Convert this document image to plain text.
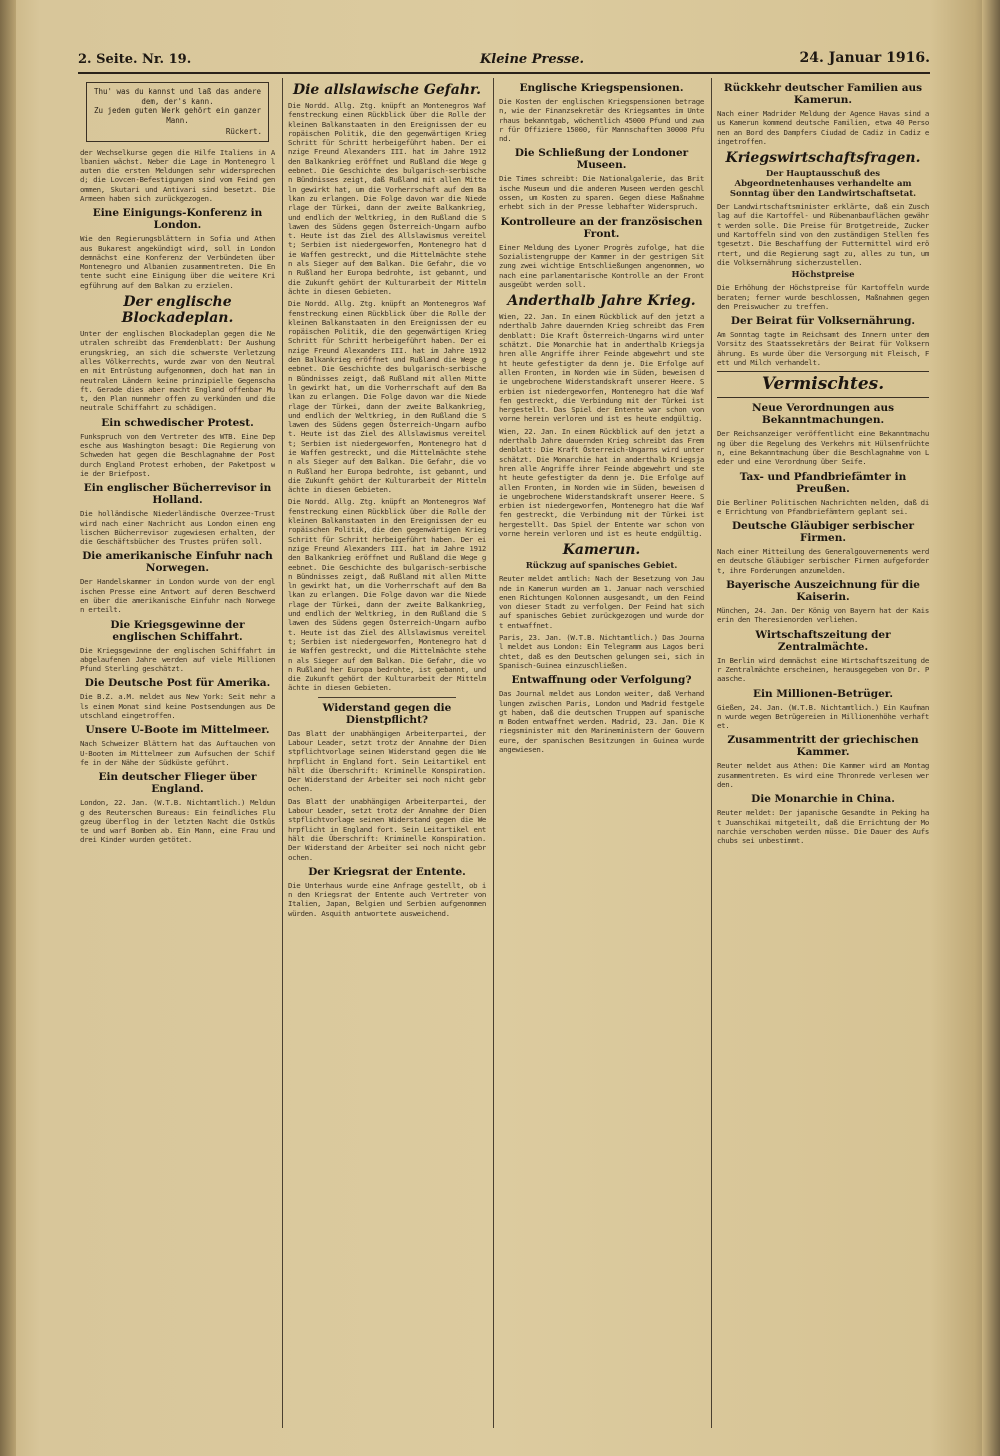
2. Seite. Nr. 19.	Kleine Presse.	24. Januar 1916.
Thu' was du kannst und laß das andere dem, der's kann.
Zu jedem guten Werk gehört ein ganzer Mann.
Rückert.

der Wechselkurse gegen die Hilfe Italiens in Albanien wächst. Neber die Lage in Montenegro lauten die ersten Meldungen sehr widersprechend; die Lovcen-Befestigungen sind vom Feind genommen, Skutari und Antivari sind besetzt. Die Armeen haben sich zurückgezogen.

Eine Einigungs-Konferenz in London.

Wie den Regierungsblättern in Sofia und Athen aus Bukarest angekündigt wird, soll in London demnächst eine Konferenz der Verbündeten über Montenegro und Albanien zusammentreten. Die Entente sucht eine Einigung über die weitere Kriegführung auf dem Balkan zu erzielen.

Der englische Blockadeplan.

Unter der englischen Blockadeplan gegen die Neutralen schreibt das Fremdenblatt: Der Aushungerungskrieg, an sich die schwerste Verletzung alles Völkerrechts, wurde zwar von den Neutralen mit Entrüstung aufgenommen, doch hat man in neutralen Ländern keine prinzipielle Gegenschaft. Gerade dies aber macht England offenbar Mut, den Plan nunmehr offen zu verkünden und die neutrale Schiffahrt zu schädigen.

Ein schwedischer Protest.

Funkspruch von dem Vertreter des WTB. Eine Depesche aus Washington besagt: Die Regierung von Schweden hat gegen die Beschlagnahme der Post durch England Protest erhoben, der Paketpost wie der Briefpost.

Ein englischer Bücherrevisor in Holland.

Die holländische Niederländische Overzee-Trust wird nach einer Nachricht aus London einen englischen Bücherrevisor zugewiesen erhalten, der die Geschäftsbücher des Trustes prüfen soll.

Die amerikanische Einfuhr nach Norwegen.

Der Handelskammer in London wurde von der englischen Presse eine Antwort auf deren Beschwerden über die amerikanische Einfuhr nach Norwegen erteilt.

Die Kriegsgewinne der englischen Schiffahrt.

Die Kriegsgewinne der englischen Schiffahrt im abgelaufenen Jahre werden auf viele Millionen Pfund Sterling geschätzt.

Die Deutsche Post für Amerika.

Die B.Z. a.M. meldet aus New York: Seit mehr als einem Monat sind keine Postsendungen aus Deutschland eingetroffen.

Unsere U-Boote im Mittelmeer.

Nach Schweizer Blättern hat das Auftauchen von U-Booten im Mittelmeer zum Aufsuchen der Schiffe in der Nähe der Südküste geführt.

Ein deutscher Flieger über England.

London, 22. Jan. (W.T.B. Nichtamtlich.) Meldung des Reuterschen Bureaus: Ein feindliches Flugzeug überflog in der letzten Nacht die Ostküste und warf Bomben ab. Ein Mann, eine Frau und drei Kinder wurden getötet.

Die allslawische Gefahr.

Die Nordd. Allg. Ztg. knüpft an Montenegros Waffenstreckung einen Rückblick über die Rolle der kleinen Balkanstaaten in den Ereignissen der europäischen Politik, die den gegenwärtigen Krieg Schritt für Schritt herbeigeführt haben. Der einzige Freund Alexanders III. hat im Jahre 1912 den Balkankrieg eröffnet und Rußland die Wege geebnet. Die Geschichte des bulgarisch-serbischen Bündnisses zeigt, daß Rußland mit allen Mitteln gewirkt hat, um die Vorherrschaft auf dem Balkan zu erlangen. Die Folge davon war die Niederlage der Türkei, dann der zweite Balkankrieg, und endlich der Weltkrieg, in dem Rußland die Slawen des Südens gegen Österreich-Ungarn aufbot. Heute ist das Ziel des Allslawismus vereitelt; Serbien ist niedergeworfen, Montenegro hat die Waffen gestreckt, und die Mittelmächte stehen als Sieger auf dem Balkan. Die Gefahr, die von Rußland her Europa bedrohte, ist gebannt, und die Zukunft gehört der Kulturarbeit der Mittelmächte in diesen Gebieten.

Die Nordd. Allg. Ztg. knüpft an Montenegros Waffenstreckung einen Rückblick über die Rolle der kleinen Balkanstaaten in den Ereignissen der europäischen Politik, die den gegenwärtigen Krieg Schritt für Schritt herbeigeführt haben. Der einzige Freund Alexanders III. hat im Jahre 1912 den Balkankrieg eröffnet und Rußland die Wege geebnet. Die Geschichte des bulgarisch-serbischen Bündnisses zeigt, daß Rußland mit allen Mitteln gewirkt hat, um die Vorherrschaft auf dem Balkan zu erlangen. Die Folge davon war die Niederlage der Türkei, dann der zweite Balkankrieg, und endlich der Weltkrieg, in dem Rußland die Slawen des Südens gegen Österreich-Ungarn aufbot. Heute ist das Ziel des Allslawismus vereitelt; Serbien ist niedergeworfen, Montenegro hat die Waffen gestreckt, und die Mittelmächte stehen als Sieger auf dem Balkan. Die Gefahr, die von Rußland her Europa bedrohte, ist gebannt, und die Zukunft gehört der Kulturarbeit der Mittelmächte in diesen Gebieten.

Die Nordd. Allg. Ztg. knüpft an Montenegros Waffenstreckung einen Rückblick über die Rolle der kleinen Balkanstaaten in den Ereignissen der europäischen Politik, die den gegenwärtigen Krieg Schritt für Schritt herbeigeführt haben. Der einzige Freund Alexanders III. hat im Jahre 1912 den Balkankrieg eröffnet und Rußland die Wege geebnet. Die Geschichte des bulgarisch-serbischen Bündnisses zeigt, daß Rußland mit allen Mitteln gewirkt hat, um die Vorherrschaft auf dem Balkan zu erlangen. Die Folge davon war die Niederlage der Türkei, dann der zweite Balkankrieg, und endlich der Weltkrieg, in dem Rußland die Slawen des Südens gegen Österreich-Ungarn aufbot. Heute ist das Ziel des Allslawismus vereitelt; Serbien ist niedergeworfen, Montenegro hat die Waffen gestreckt, und die Mittelmächte stehen als Sieger auf dem Balkan. Die Gefahr, die von Rußland her Europa bedrohte, ist gebannt, und die Zukunft gehört der Kulturarbeit der Mittelmächte in diesen Gebieten.

Widerstand gegen die Dienstpflicht?

Das Blatt der unabhängigen Arbeiterpartei, der Labour Leader, setzt trotz der Annahme der Dienstpflichtvorlage seinen Widerstand gegen die Wehrpflicht in England fort. Sein Leitartikel enthält die Überschrift: Kriminelle Konspiration. Der Widerstand der Arbeiter sei noch nicht gebrochen.

Das Blatt der unabhängigen Arbeiterpartei, der Labour Leader, setzt trotz der Annahme der Dienstpflichtvorlage seinen Widerstand gegen die Wehrpflicht in England fort. Sein Leitartikel enthält die Überschrift: Kriminelle Konspiration. Der Widerstand der Arbeiter sei noch nicht gebrochen.

Der Kriegsrat der Entente.

Die Unterhaus wurde eine Anfrage gestellt, ob in den Kriegsrat der Entente auch Vertreter von Italien, Japan, Belgien und Serbien aufgenommen würden. Asquith antwortete ausweichend.

Englische Kriegspensionen.

Die Kosten der englischen Kriegspensionen betragen, wie der Finanzsekretär des Kriegsamtes im Unterhaus bekanntgab, wöchentlich 45000 Pfund und zwar für Offiziere 15000, für Mannschaften 30000 Pfund.

Die Schließung der Londoner Museen.

Die Times schreibt: Die Nationalgalerie, das Britische Museum und die anderen Museen werden geschlossen, um Kosten zu sparen. Gegen diese Maßnahme erhebt sich in der Presse lebhafter Widerspruch.

Kontrolleure an der französischen Front.

Einer Meldung des Lyoner Progrès zufolge, hat die Sozialistengruppe der Kammer in der gestrigen Sitzung zwei wichtige Entschließungen angenommen, wonach eine parlamentarische Kontrolle an der Front ausgeübt werden soll.

Anderthalb Jahre Krieg.

Wien, 22. Jan. In einem Rückblick auf den jetzt anderthalb Jahre dauernden Krieg schreibt das Fremdenblatt: Die Kraft Österreich-Ungarns wird unterschätzt. Die Monarchie hat in anderthalb Kriegsjahren alle Angriffe ihrer Feinde abgewehrt und steht heute gefestigter da denn je. Die Erfolge auf allen Fronten, im Norden wie im Süden, beweisen die ungebrochene Widerstandskraft unserer Heere. Serbien ist niedergeworfen, Montenegro hat die Waffen gestreckt, die Verbindung mit der Türkei ist hergestellt. Das Spiel der Entente war schon von vorne herein verloren und ist es heute endgültig.

Wien, 22. Jan. In einem Rückblick auf den jetzt anderthalb Jahre dauernden Krieg schreibt das Fremdenblatt: Die Kraft Österreich-Ungarns wird unterschätzt. Die Monarchie hat in anderthalb Kriegsjahren alle Angriffe ihrer Feinde abgewehrt und steht heute gefestigter da denn je. Die Erfolge auf allen Fronten, im Norden wie im Süden, beweisen die ungebrochene Widerstandskraft unserer Heere. Serbien ist niedergeworfen, Montenegro hat die Waffen gestreckt, die Verbindung mit der Türkei ist hergestellt. Das Spiel der Entente war schon von vorne herein verloren und ist es heute endgültig.

Kamerun.
Rückzug auf spanisches Gebiet.

Reuter meldet amtlich: Nach der Besetzung von Jaunde in Kamerun wurden am 1. Januar nach verschiedenen Richtungen Kolonnen ausgesandt, um den Feind von dieser Stadt zu verfolgen. Der Feind hat sich auf spanisches Gebiet zurückgezogen und wurde dort entwaffnet.

Paris, 23. Jan. (W.T.B. Nichtamtlich.) Das Journal meldet aus London: Ein Telegramm aus Lagos berichtet, daß es den Deutschen gelungen sei, sich in Spanisch-Guinea einzuschließen.

Entwaffnung oder Verfolgung?

Das Journal meldet aus London weiter, daß Verhandlungen zwischen Paris, London und Madrid festgelegt haben, daß die deutschen Truppen auf spanischem Boden entwaffnet werden. Madrid, 23. Jan. Die Kriegsminister mit den Marineministern der Gouverneure, der spanischen Besitzungen in Guinea wurde angewiesen.

Rückkehr deutscher Familien aus Kamerun.

Nach einer Madrider Meldung der Agence Havas sind aus Kamerun kommend deutsche Familien, etwa 40 Personen an Bord des Dampfers Ciudad de Cadiz in Cadiz eingetroffen.

Kriegswirtschaftsfragen.
Der Hauptausschuß des Abgeordnetenhauses verhandelte am Sonntag über den Landwirtschaftsetat.

Der Landwirtschaftsminister erklärte, daß ein Zuschlag auf die Kartoffel- und Rübenanbauflächen gewährt werden solle. Die Preise für Brotgetreide, Zucker und Kartoffeln sind von den zuständigen Stellen festgesetzt. Die Beschaffung der Futtermittel wird erörtert, und die Regierung sagt zu, alles zu tun, um die Volksernährung sicherzustellen.

Höchstpreise

Die Erhöhung der Höchstpreise für Kartoffeln wurde beraten; ferner wurde beschlossen, Maßnahmen gegen den Preiswucher zu treffen.

Der Beirat für Volksernährung.

Am Sonntag tagte im Reichsamt des Innern unter dem Vorsitz des Staatssekretärs der Beirat für Volksernährung. Es wurde über die Versorgung mit Fleisch, Fett und Milch verhandelt.

Vermischtes.
Neue Verordnungen aus Bekanntmachungen.

Der Reichsanzeiger veröffentlicht eine Bekanntmachung über die Regelung des Verkehrs mit Hülsenfrüchten, eine Bekanntmachung über die Beschlagnahme von Leder und eine Verordnung über Seife.

Tax- und Pfandbriefämter in Preußen.

Die Berliner Politischen Nachrichten melden, daß die Errichtung von Pfandbriefämtern geplant sei.

Deutsche Gläubiger serbischer Firmen.

Nach einer Mitteilung des Generalgouvernements werden deutsche Gläubiger serbischer Firmen aufgefordert, ihre Forderungen anzumelden.

Bayerische Auszeichnung für die Kaiserin.

München, 24. Jan. Der König von Bayern hat der Kaiserin den Theresienorden verliehen.

Wirtschaftszeitung der Zentralmächte.

In Berlin wird demnächst eine Wirtschaftszeitung der Zentralmächte erscheinen, herausgegeben von Dr. Paasche.

Ein Millionen-Betrüger.

Gießen, 24. Jan. (W.T.B. Nichtamtlich.) Ein Kaufmann wurde wegen Betrügereien in Millionenhöhe verhaftet.

Zusammentritt der griechischen Kammer.

Reuter meldet aus Athen: Die Kammer wird am Montag zusammentreten. Es wird eine Thronrede verlesen werden.

Die Monarchie in China.

Reuter meldet: Der japanische Gesandte in Peking hat Juanschikai mitgeteilt, daß die Errichtung der Monarchie verschoben werden müsse. Die Dauer des Aufschubs sei unbestimmt.
